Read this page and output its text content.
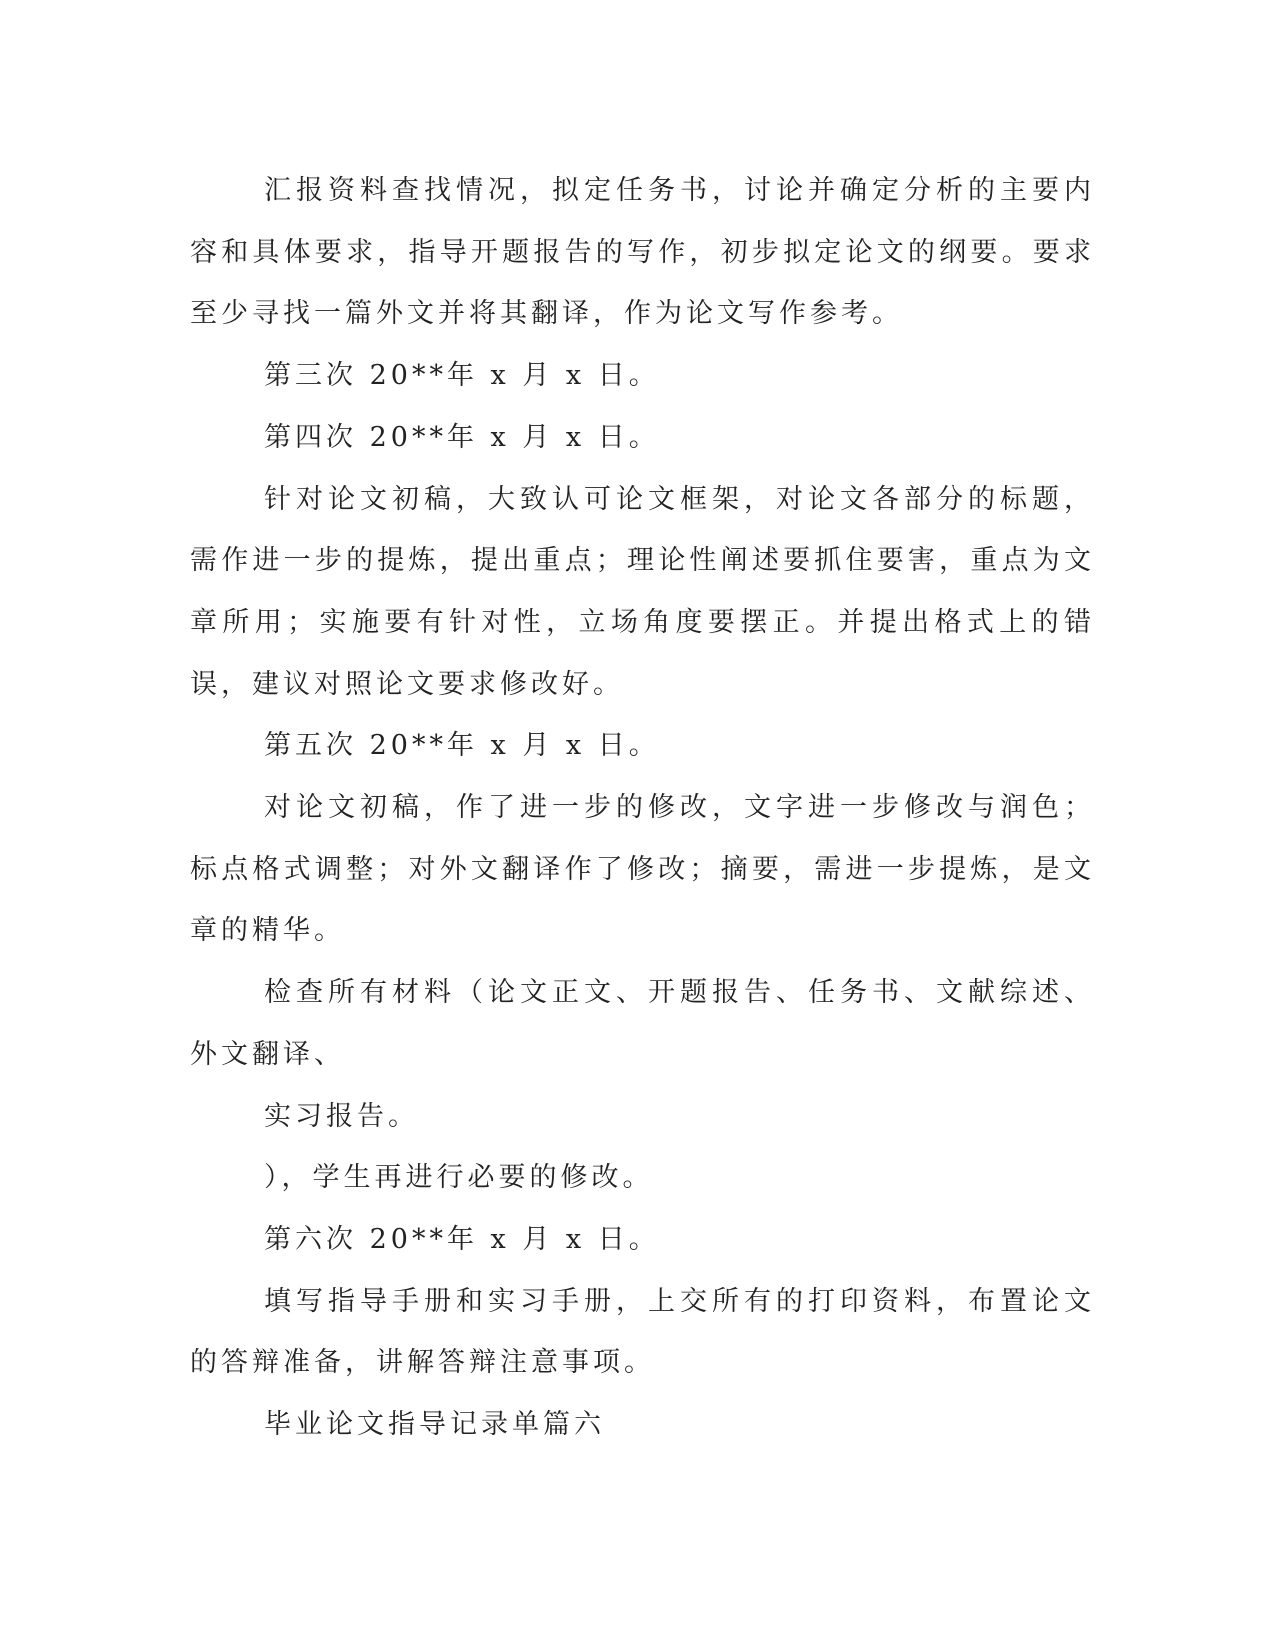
汇报资料查找情况，拟定任务书，讨论并确定分析的主要内容和具体要求，指导开题报告的写作，初步拟定论文的纲要。要求至少寻找一篇外文并将其翻译，作为论文写作参考。

第三次 20**年 x 月 x 日。

第四次 20**年 x 月 x 日。

针对论文初稿，大致认可论文框架，对论文各部分的标题，需作进一步的提炼，提出重点；理论性阐述要抓住要害，重点为文章所用；实施要有针对性，立场角度要摆正。并提出格式上的错误，建议对照论文要求修改好。

第五次 20**年 x 月 x 日。

对论文初稿，作了进一步的修改，文字进一步修改与润色；标点格式调整；对外文翻译作了修改；摘要，需进一步提炼，是文章的精华。

检查所有材料（论文正文、开题报告、任务书、文献综述、外文翻译、

实习报告。

），学生再进行必要的修改。

第六次 20**年 x 月 x 日。

填写指导手册和实习手册，上交所有的打印资料，布置论文的答辩准备，讲解答辩注意事项。

毕业论文指导记录单篇六
